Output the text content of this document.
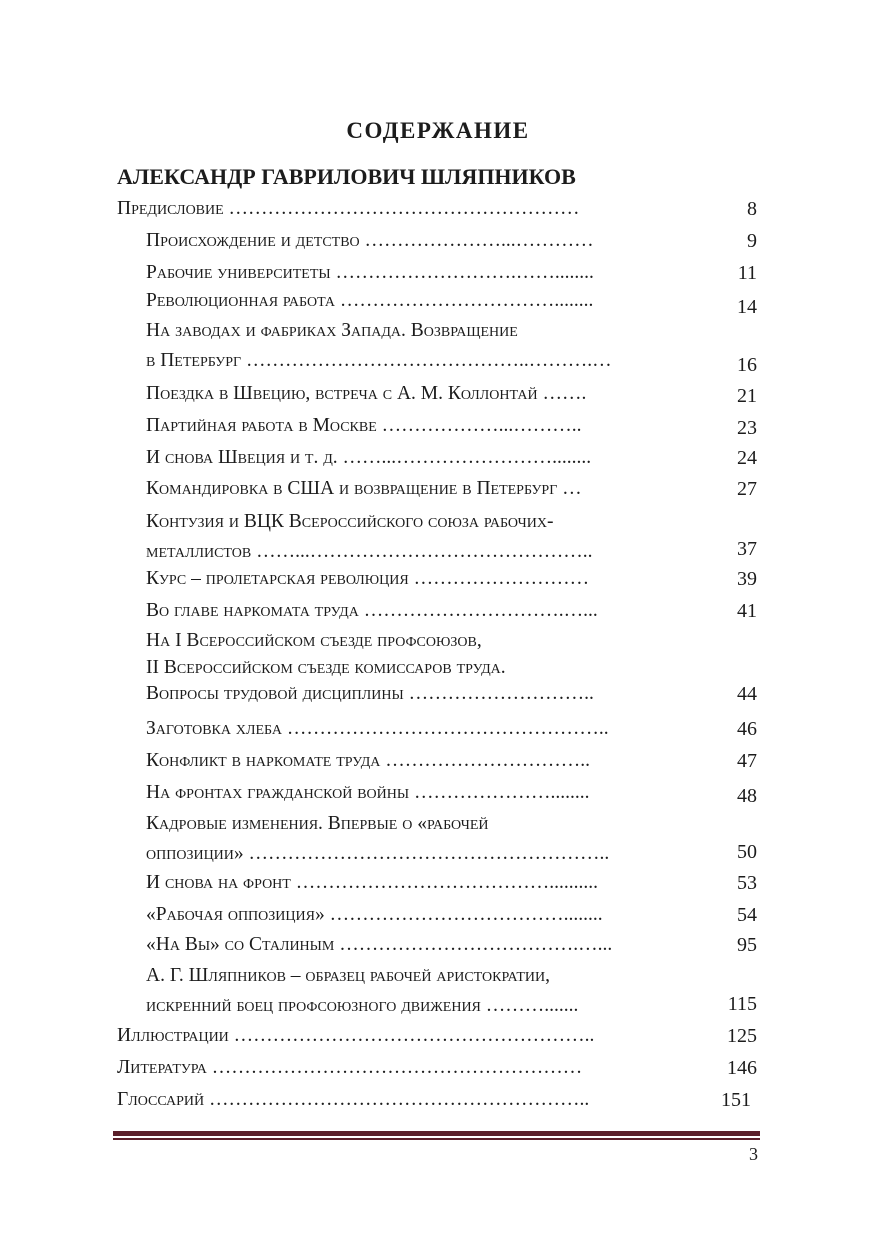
СОДЕРЖАНИЕ
АЛЕКСАНДР ГАВРИЛОВИЧ ШЛЯПНИКОВ
Предисловие ………………………………………………	8
Происхождение и детство …………………...…………	9
Рабочие университеты ……………………….……........	11
Революционная работа ……………………………........	14
На заводах и фабриках Запада. Возвращение
в Петербург ……………………………………..……….…	16
Поездка в Швецию, встреча с А. М. Коллонтай …….	21
Партийная работа в Москве ………………...………..	23
И снова Швеция и т. д. ……...……………………........	24
Командировка в США и возвращение в Петербург …	27
Контузия и ВЦК Всероссийского союза рабочих-
металлистов ……...……………………………………..	37
Курс – пролетарская революция ………………………	39
Во главе наркомата труда ………………………….…...	41
На I Всероссийском съезде профсоюзов,
II Всероссийском съезде комиссаров труда.
Вопросы трудовой дисциплины ………………………..	44
Заготовка хлеба …………………………………………..	46
Конфликт в наркомате труда …………………………..	47
На фронтах гражданской войны …………………........	48
Кадровые изменения. Впервые о «рабочей
оппозиции» ………………………………………………..	50
И снова на фронт …………………………………..........	53
«Рабочая оппозиция» ………………………………........	54
«На Вы» со Сталиным ……………………………….…...	95
А. Г. Шляпников – образец рабочей аристократии,
искренний боец профсоюзного движения ……….......	115
Иллюстрации ………………………………………………..	125
Литература …………………………………………………	146
Глоссарий …………………………………………………..	151
3
